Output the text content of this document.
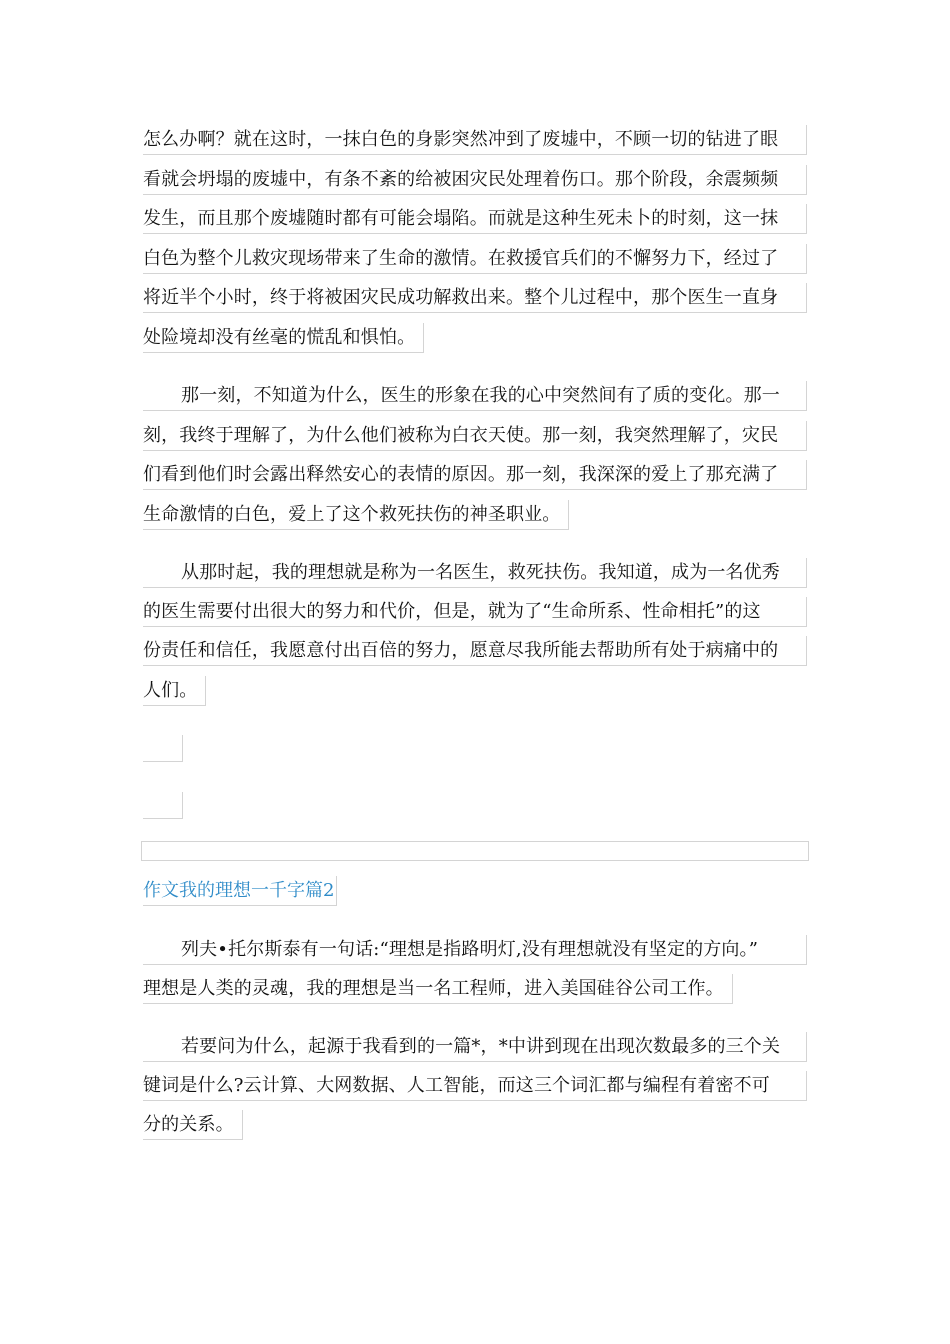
怎么办啊？就在这时，一抹白色的身影突然冲到了废墟中，不顾一切的钻进了眼
看就会坍塌的废墟中，有条不紊的给被困灾民处理着伤口。那个阶段，余震频频
发生，而且那个废墟随时都有可能会塌陷。而就是这种生死未卜的时刻，这一抹
白色为整个儿救灾现场带来了生命的激情。在救援官兵们的不懈努力下，经过了
将近半个小时，终于将被困灾民成功解救出来。整个儿过程中，那个医生一直身
处险境却没有丝毫的慌乱和惧怕。
那一刻，不知道为什么，医生的形象在我的心中突然间有了质的变化。那一
刻，我终于理解了，为什么他们被称为白衣天使。那一刻，我突然理解了，灾民
们看到他们时会露出释然安心的表情的原因。那一刻，我深深的爱上了那充满了
生命激情的白色，爱上了这个救死扶伤的神圣职业。
从那时起，我的理想就是称为一名医生，救死扶伤。我知道，成为一名优秀
的医生需要付出很大的努力和代价，但是，就为了“生命所系、性命相托”的这
份责任和信任，我愿意付出百倍的努力，愿意尽我所能去帮助所有处于病痛中的
人们。
作文我的理想一千字篇2
列夫•托尔斯泰有一句话:“理想是指路明灯,没有理想就没有坚定的方向。”
理想是人类的灵魂，我的理想是当一名工程师，进入美国硅谷公司工作。
若要问为什么，起源于我看到的一篇*，*中讲到现在出现次数最多的三个关
键词是什么?云计算、大网数据、人工智能，而这三个词汇都与编程有着密不可
分的关系。
